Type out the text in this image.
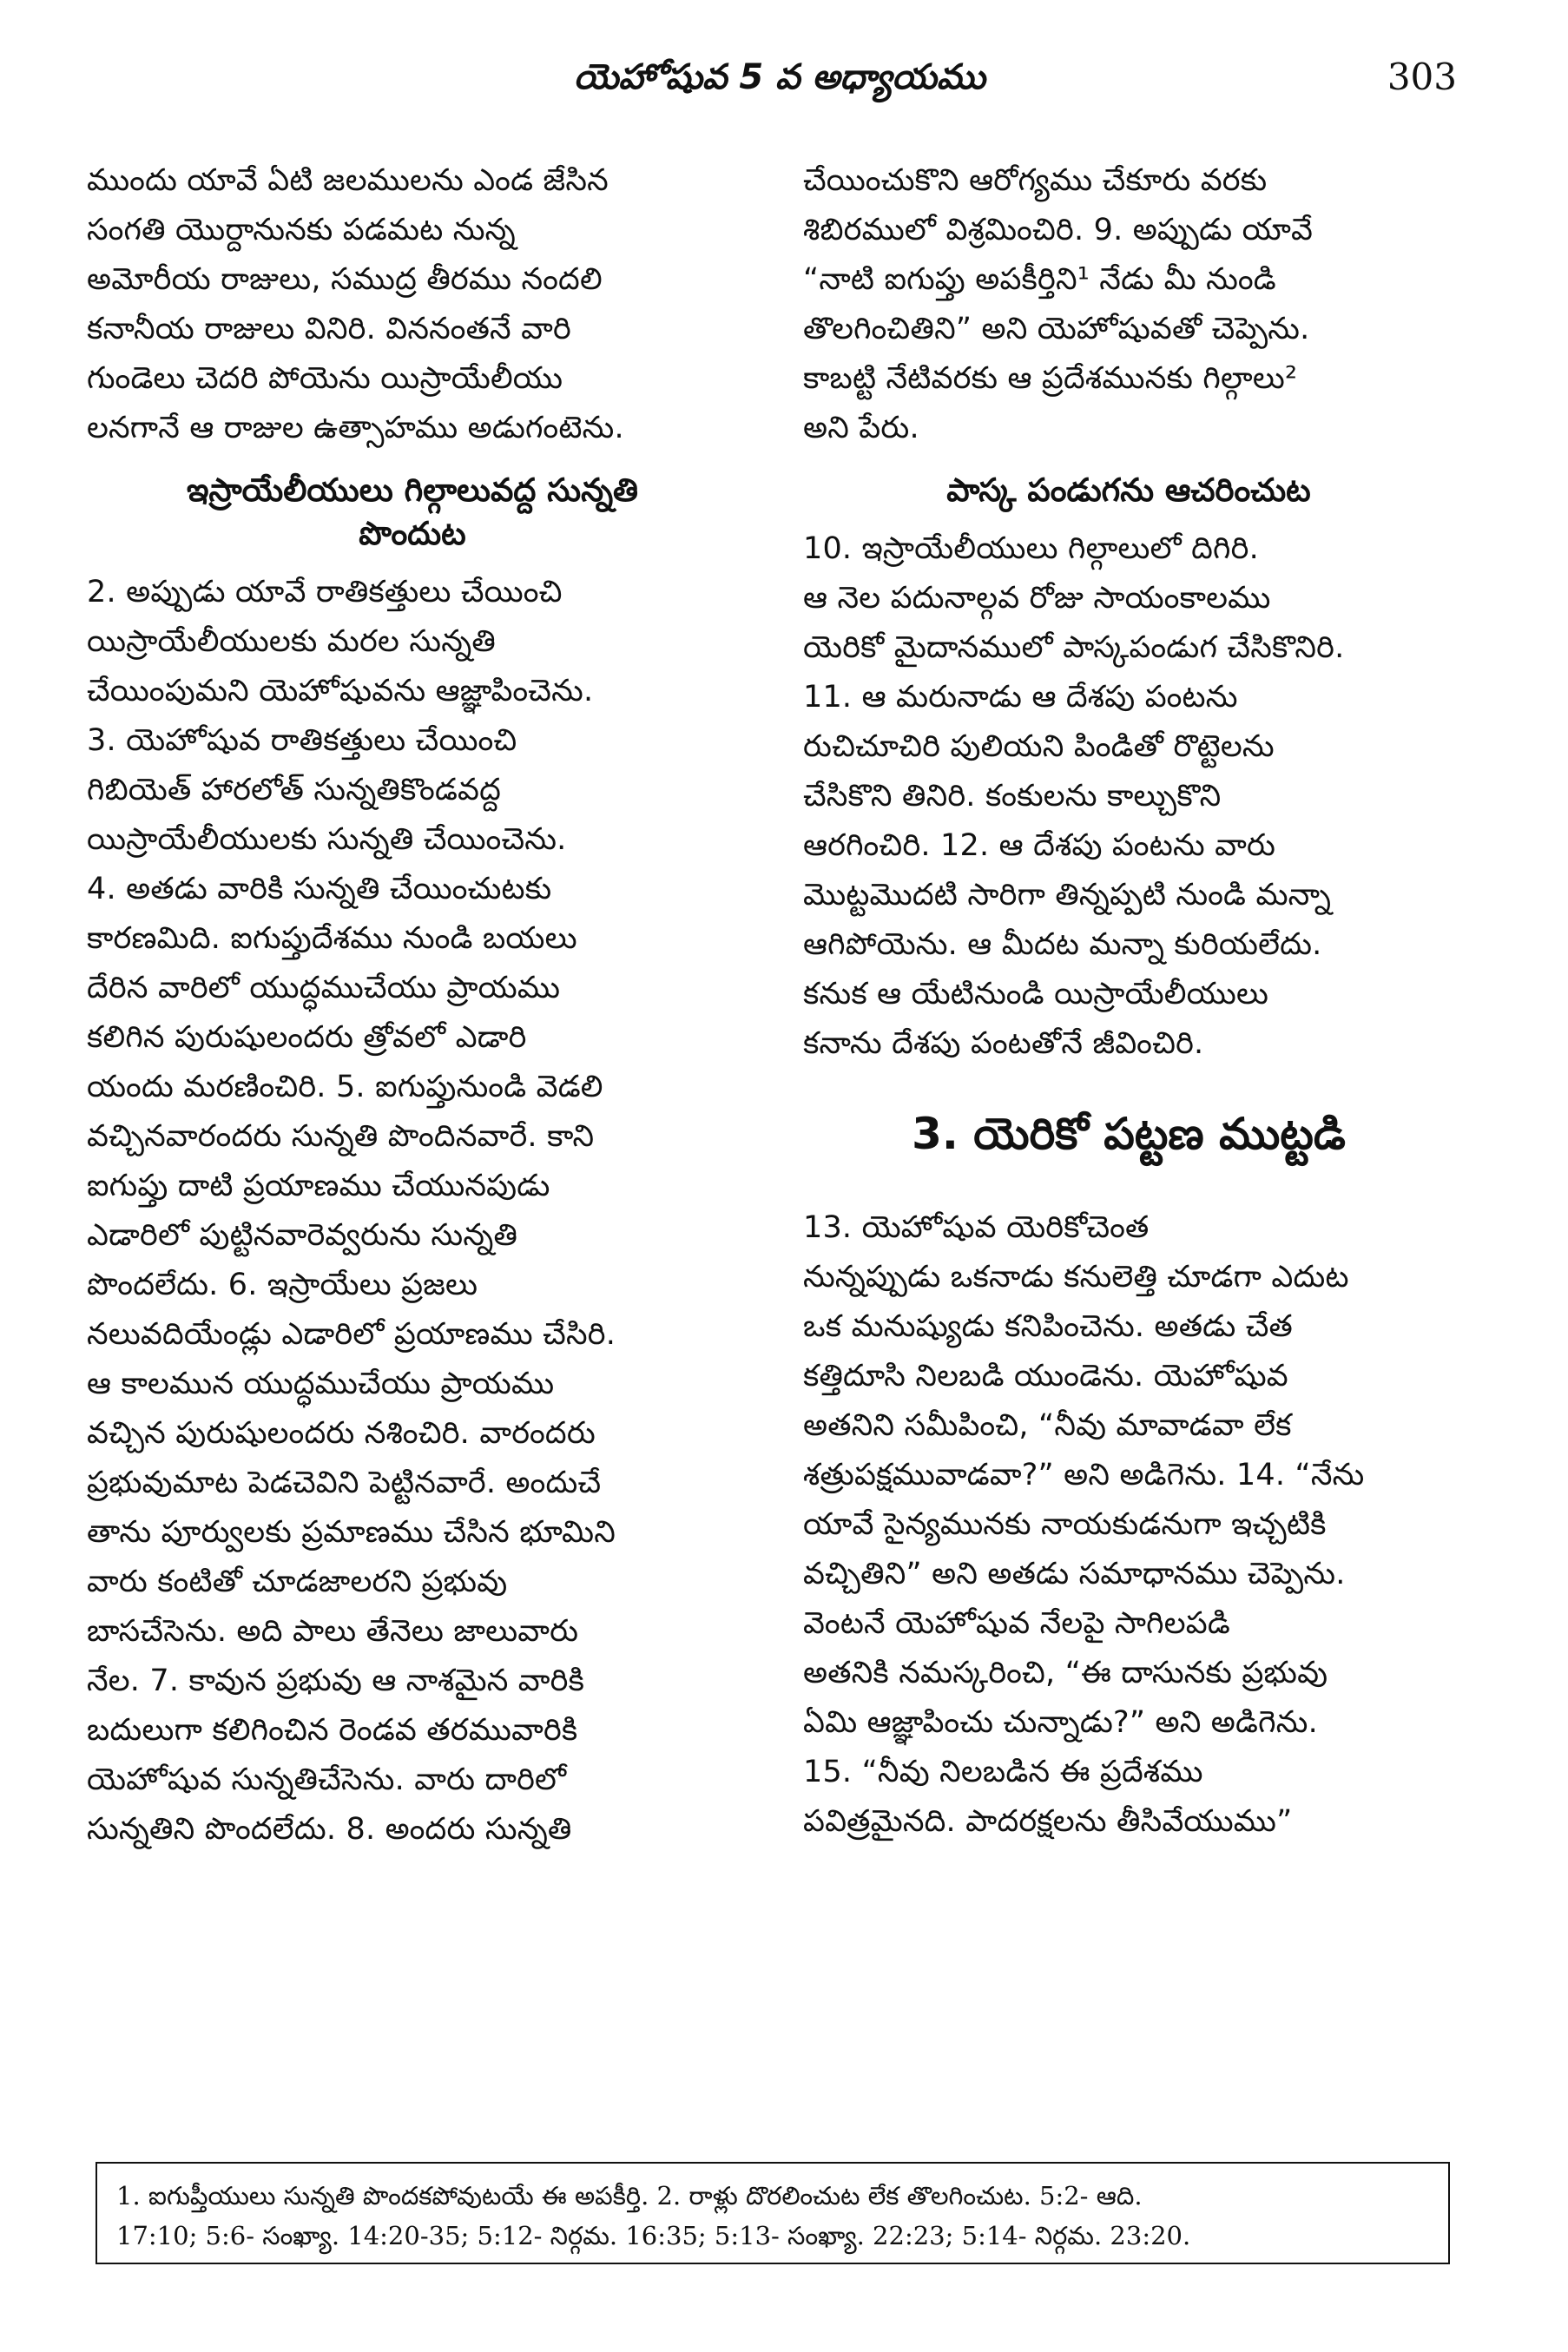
యెహోషువ 5 వ అధ్యాయము	303

ముందు యావే ఏటి జలములను ఎండ జేసిన
సంగతి యొర్దానునకు పడమట నున్న
అమోరీయ రాజులు, సముద్ర తీరము నందలి
కనానీయ రాజులు వినిరి. విననంతనే వారి
గుండెలు చెదరి పోయెను యిస్రాయేలీయు
లనగానే ఆ రాజుల ఉత్సాహము అడుగంటెను.

ఇస్రాయేలీయులు గిల్గాలువద్ద సున్నతి
పొందుట

2. అప్పుడు యావే రాతికత్తులు చేయించి
యిస్రాయేలీయులకు మరల సున్నతి
చేయింపుమని యెహోషువను ఆజ్ఞాపించెను.
3. యెహోషువ రాతికత్తులు చేయించి
గిబియెత్ హారలోత్ సున్నతికొండవద్ద
యిస్రాయేలీయులకు సున్నతి చేయించెను.
4. అతడు వారికి సున్నతి చేయించుటకు
కారణమిది. ఐగుప్తుదేశము నుండి బయలు
దేరిన వారిలో యుద్ధముచేయు ప్రాయము
కలిగిన పురుషులందరు త్రోవలో ఎడారి
యందు మరణించిరి. 5. ఐగుప్తునుండి వెడలి
వచ్చినవారందరు సున్నతి పొందినవారే. కాని
ఐగుప్తు దాటి ప్రయాణము చేయునపుడు
ఎడారిలో పుట్టినవారెవ్వరును సున్నతి
పొందలేదు. 6. ఇస్రాయేలు ప్రజలు
నలువదియేండ్లు ఎడారిలో ప్రయాణము చేసిరి.
ఆ కాలమున యుద్ధముచేయు ప్రాయము
వచ్చిన పురుషులందరు నశించిరి. వారందరు
ప్రభువుమాట పెడచెవిని పెట్టినవారే. అందుచే
తాను పూర్వులకు ప్రమాణము చేసిన భూమిని
వారు కంటితో చూడజాలరని ప్రభువు
బాసచేసెను. అది పాలు తేనెలు జాలువారు
నేల. 7. కావున ప్రభువు ఆ నాశమైన వారికి
బదులుగా కలిగించిన రెండవ తరమువారికి
యెహోషువ సున్నతిచేసెను. వారు దారిలో
సున్నతిని పొందలేదు. 8. అందరు సున్నతి

చేయించుకొని ఆరోగ్యము చేకూరు వరకు
శిబిరములో విశ్రమించిరి. 9. అప్పుడు యావే
“నాటి ఐగుప్తు అపకీర్తిని¹ నేడు మీ నుండి
తొలగించితిని” అని యెహోషువతో చెప్పెను.
కాబట్టి నేటివరకు ఆ ప్రదేశమునకు గిల్గాలు²
అని పేరు.

పాస్క పండుగను ఆచరించుట

10. ఇస్రాయేలీయులు గిల్గాలులో దిగిరి.
ఆ నెల పదునాల్గవ రోజు సాయంకాలము
యెరికో మైదానములో పాస్కపండుగ చేసికొనిరి.
11. ఆ మరునాడు ఆ దేశపు పంటను
రుచిచూచిరి పులియని పిండితో రొట్టెలను
చేసికొని తినిరి. కంకులను కాల్చుకొని
ఆరగించిరి. 12. ఆ దేశపు పంటను వారు
మొట్టమొదటి సారిగా తిన్నప్పటి నుండి మన్నా
ఆగిపోయెను. ఆ మీదట మన్నా కురియలేదు.
కనుక ఆ యేటినుండి యిస్రాయేలీయులు
కనాను దేశపు పంటతోనే జీవించిరి.

3. యెరికో పట్టణ ముట్టడి

13. యెహోషువ యెరికోచెంత
నున్నప్పుడు ఒకనాడు కనులెత్తి చూడగా ఎదుట
ఒక మనుష్యుడు కనిపించెను. అతడు చేత
కత్తిదూసి నిలబడి యుండెను. యెహోషువ
అతనిని సమీపించి, “నీవు మావాడవా లేక
శత్రుపక్షమువాడవా?” అని అడిగెను. 14. “నేను
యావే సైన్యమునకు నాయకుడనుగా ఇచ్చటికి
వచ్చితిని” అని అతడు సమాధానము చెప్పెను.
వెంటనే యెహోషువ నేలపై సాగిలపడి
అతనికి నమస్కరించి, “ఈ దాసునకు ప్రభువు
ఏమి ఆజ్ఞాపించు చున్నాడు?” అని అడిగెను.
15. “నీవు నిలబడిన ఈ ప్రదేశము
పవిత్రమైనది. పాదరక్షలను తీసివేయుము”

1. ఐగుప్తీయులు సున్నతి పొందకపోవుటయే ఈ అపకీర్తి. 2. రాళ్లు దొరలించుట లేక తొలగించుట. 5:2- ఆది.

17:10; 5:6- సంఖ్యా. 14:20-35; 5:12- నిర్గమ. 16:35; 5:13- సంఖ్యా. 22:23; 5:14- నిర్గమ. 23:20.
